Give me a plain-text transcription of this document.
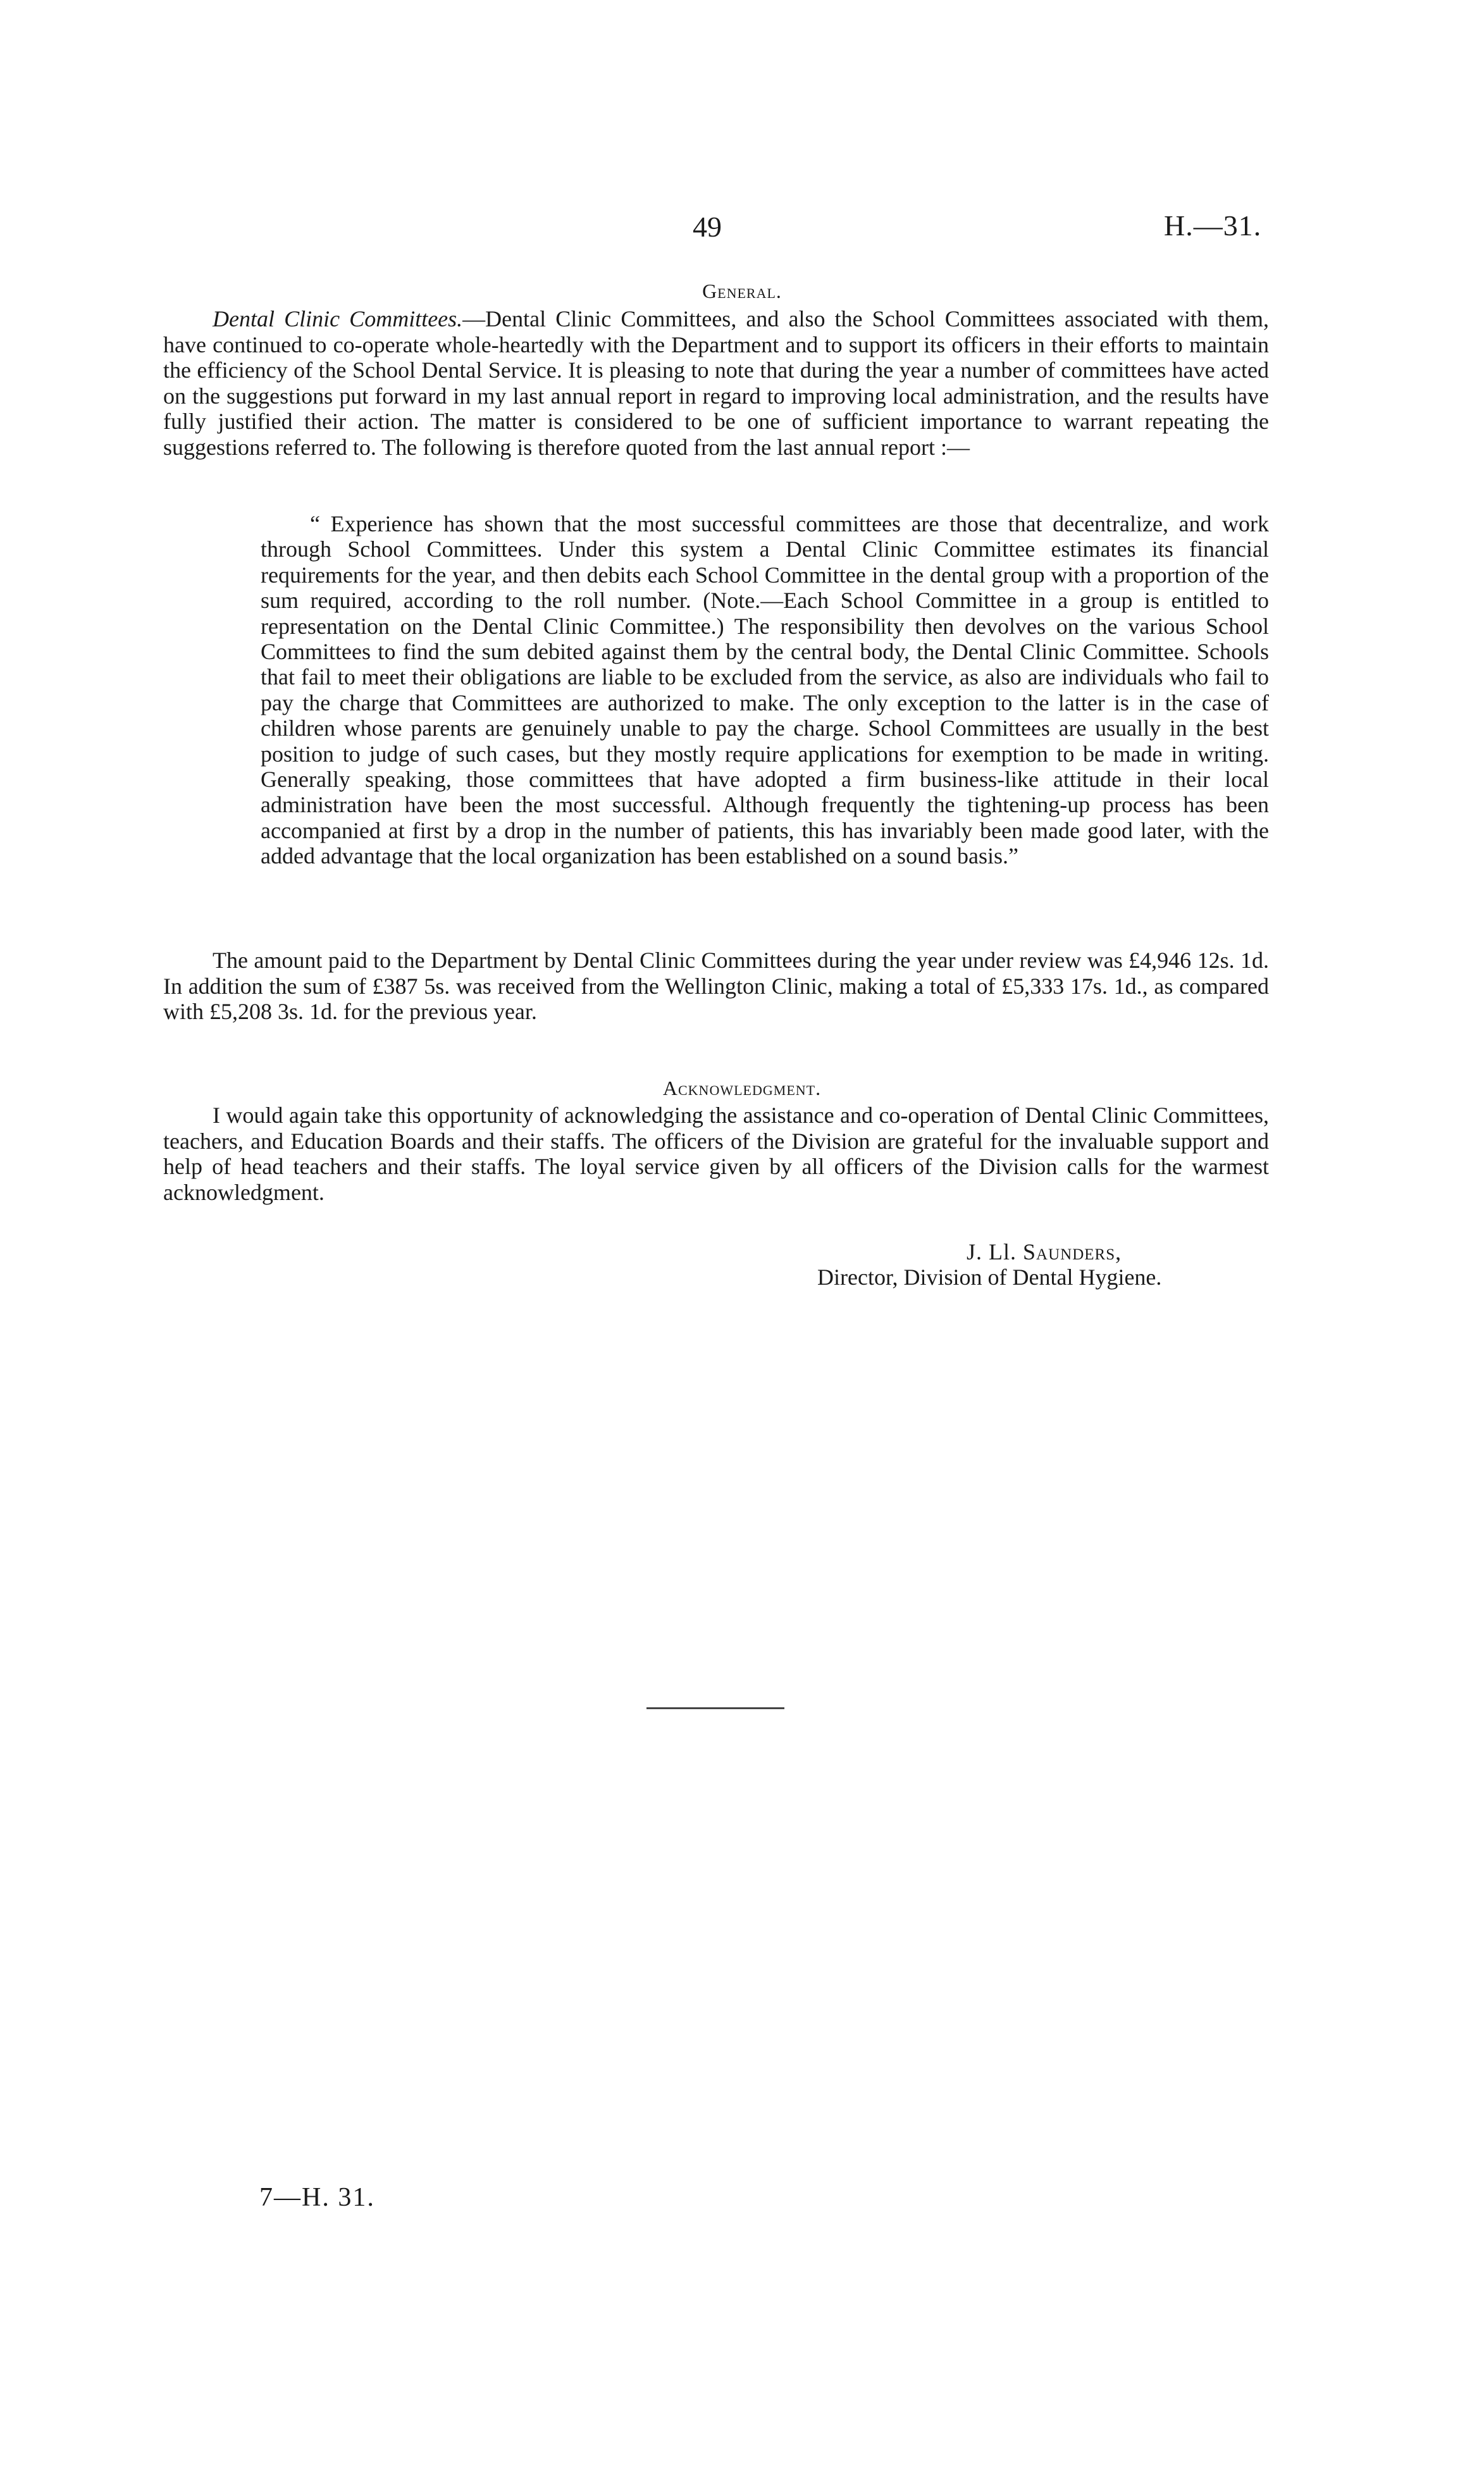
49	H.—31.
General.

Dental Clinic Committees.—Dental Clinic Committees, and also the School Committees associated with them, have continued to co-operate whole-heartedly with the Department and to support its officers in their efforts to maintain the efficiency of the School Dental Service. It is pleasing to note that during the year a number of committees have acted on the suggestions put forward in my last annual report in regard to improving local administration, and the results have fully justified their action. The matter is considered to be one of sufficient importance to warrant repeating the suggestions referred to. The following is therefore quoted from the last annual report :—

“ Experience has shown that the most successful committees are those that decentralize, and work through School Committees. Under this system a Dental Clinic Committee estimates its financial requirements for the year, and then debits each School Committee in the dental group with a proportion of the sum required, according to the roll number. (Note.—Each School Committee in a group is entitled to representation on the Dental Clinic Committee.) The responsibility then devolves on the various School Committees to find the sum debited against them by the central body, the Dental Clinic Committee. Schools that fail to meet their obligations are liable to be excluded from the service, as also are individuals who fail to pay the charge that Committees are authorized to make. The only exception to the latter is in the case of children whose parents are genuinely unable to pay the charge. School Committees are usually in the best position to judge of such cases, but they mostly require applications for exemption to be made in writing. Generally speaking, those committees that have adopted a firm business-like attitude in their local administration have been the most successful. Although frequently the tightening-up process has been accompanied at first by a drop in the number of patients, this has invariably been made good later, with the added advantage that the local organization has been established on a sound basis.”

The amount paid to the Department by Dental Clinic Committees during the year under review was £4,946 12s. 1d. In addition the sum of £387 5s. was received from the Wellington Clinic, making a total of £5,333 17s. 1d., as compared with £5,208 3s. 1d. for the previous year.

Acknowledgment.

I would again take this opportunity of acknowledging the assistance and co-operation of Dental Clinic Committees, teachers, and Education Boards and their staffs. The officers of the Division are grateful for the invaluable support and help of head teachers and their staffs. The loyal service given by all officers of the Division calls for the warmest acknowledgment.

J. Ll. Saunders,
Director, Division of Dental Hygiene.
7—H. 31.
